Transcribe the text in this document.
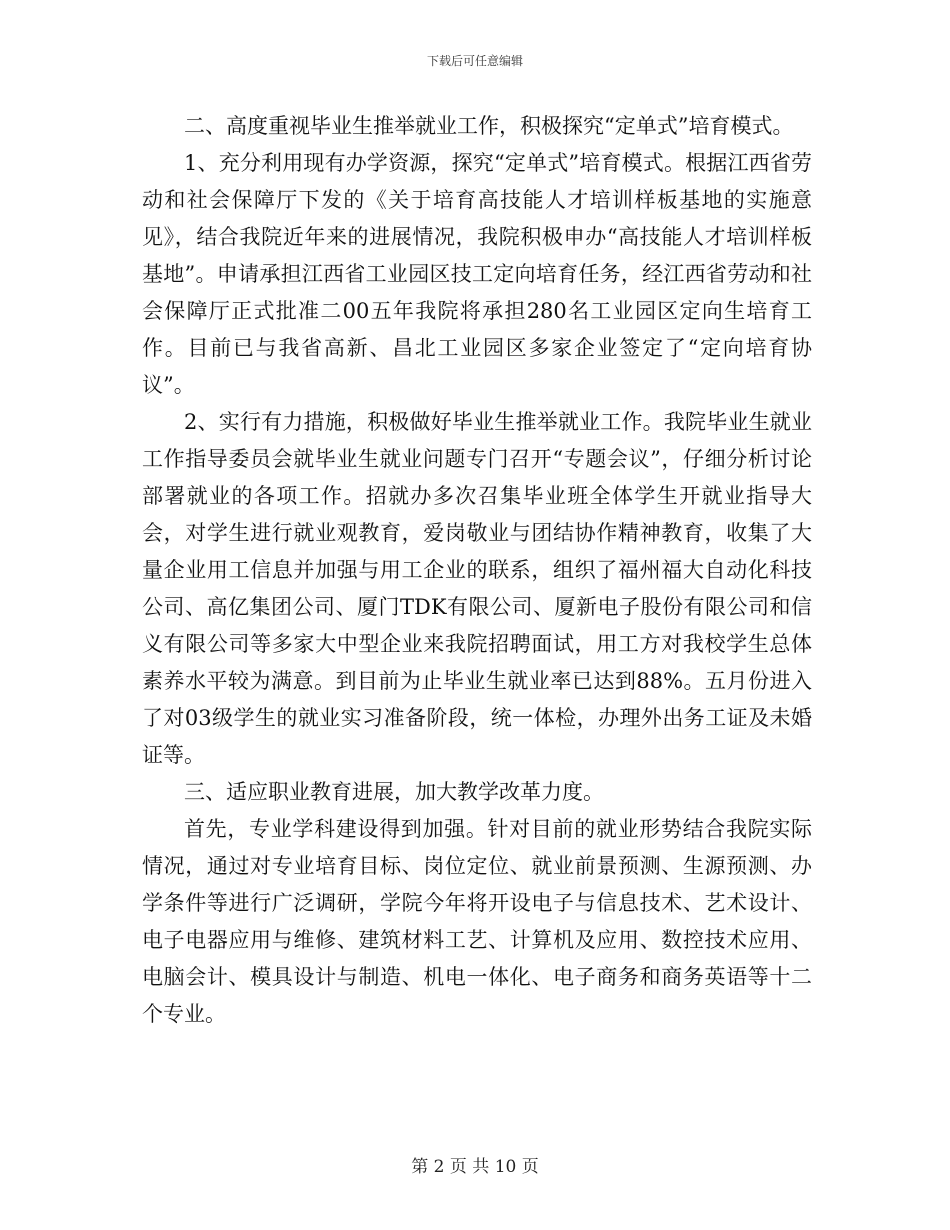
下载后可任意编辑

二、高度重视毕业生推举就业工作，积极探究“定单式”培育模式。

1、充分利用现有办学资源，探究“定单式”培育模式。根据江西省劳动和社会保障厅下发的《关于培育高技能人才培训样板基地的实施意见》，结合我院近年来的进展情况，我院积极申办“高技能人才培训样板基地”。申请承担江西省工业园区技工定向培育任务，经江西省劳动和社会保障厅正式批准二00五年我院将承担280名工业园区定向生培育工作。目前已与我省高新、昌北工业园区多家企业签定了“定向培育协议”。

2、实行有力措施，积极做好毕业生推举就业工作。我院毕业生就业工作指导委员会就毕业生就业问题专门召开“专题会议”，仔细分析讨论部署就业的各项工作。招就办多次召集毕业班全体学生开就业指导大会，对学生进行就业观教育，爱岗敬业与团结协作精神教育，收集了大量企业用工信息并加强与用工企业的联系，组织了福州福大自动化科技公司、高亿集团公司、厦门TDK有限公司、厦新电子股份有限公司和信义有限公司等多家大中型企业来我院招聘面试，用工方对我校学生总体素养水平较为满意。到目前为止毕业生就业率已达到88%。五月份进入了对03级学生的就业实习准备阶段，统一体检，办理外出务工证及未婚证等。

三、适应职业教育进展，加大教学改革力度。

首先，专业学科建设得到加强。针对目前的就业形势结合我院实际情况，通过对专业培育目标、岗位定位、就业前景预测、生源预测、办学条件等进行广泛调研，学院今年将开设电子与信息技术、艺术设计、电子电器应用与维修、建筑材料工艺、计算机及应用、数控技术应用、电脑会计、模具设计与制造、机电一体化、电子商务和商务英语等十二个专业。

第 2 页 共 10 页
